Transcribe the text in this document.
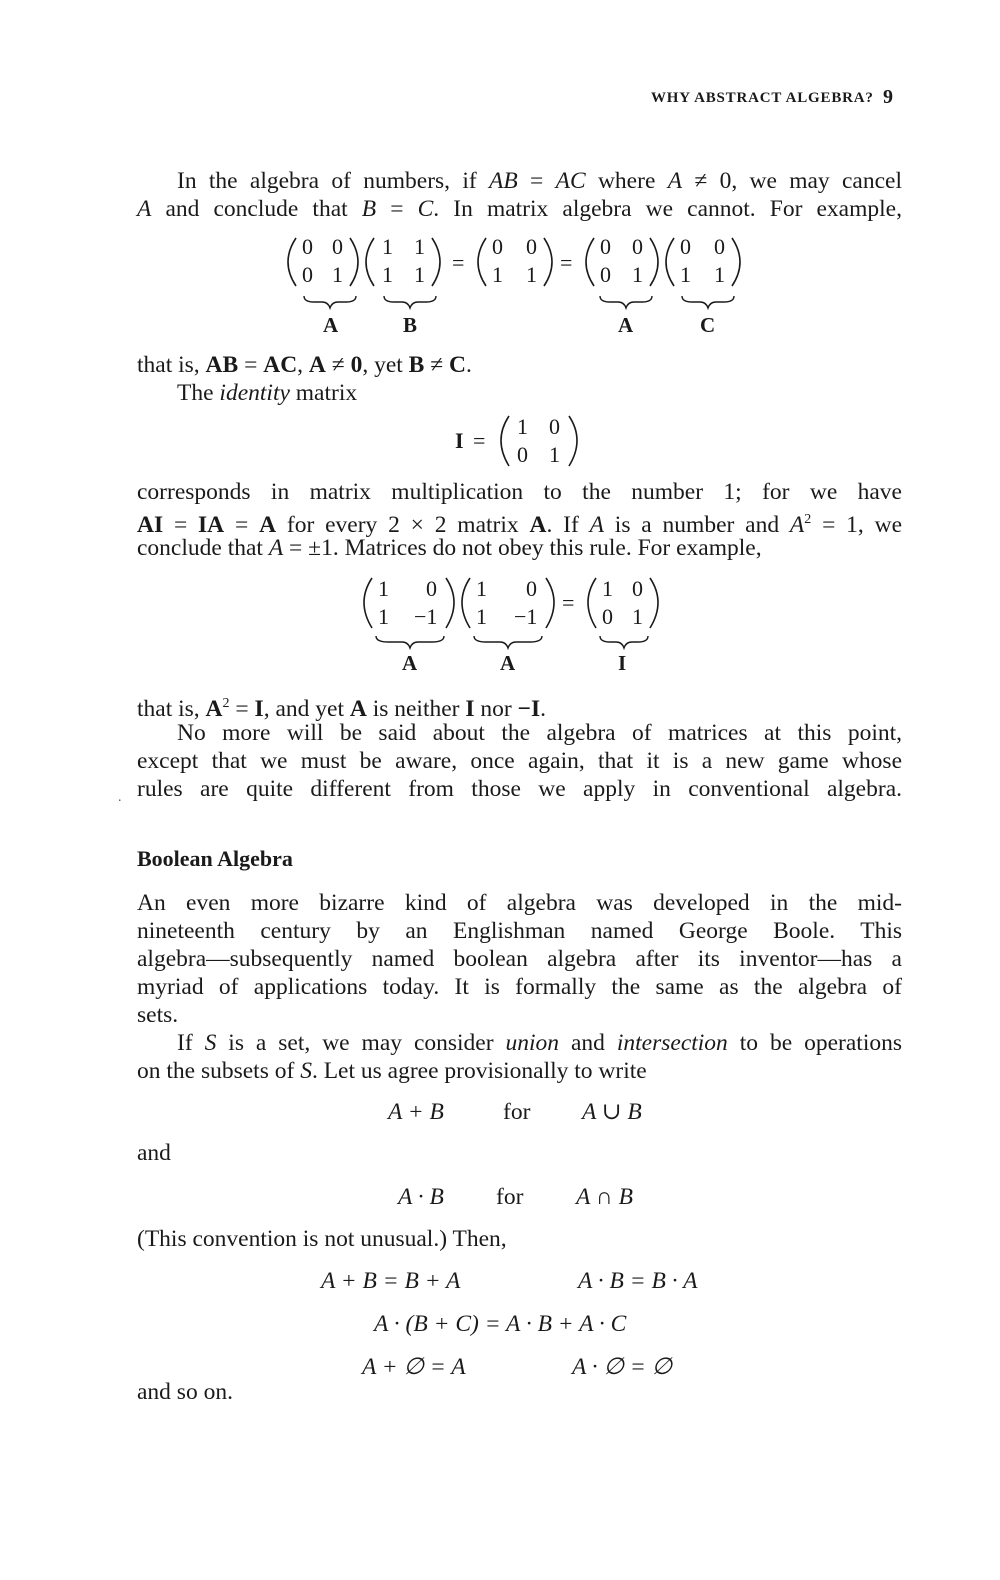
WHY ABSTRACT ALGEBRA? 9
In the algebra of numbers, if AB = AC where A ≠ 0, we may cancel
A and conclude that B = C. In matrix algebra we cannot. For example,
0 0
0 1
1 1
1 1 =
0 0
1 1 =
0 0
0 1
0 0
1 1
A	B	A	C
that is, AB = AC, A ≠ 0, yet B ≠ C.
The identity matrix
I =
1 0
0 1
corresponds in matrix multiplication to the number 1; for we have
AI = IA = A for every 2 × 2 matrix A. If A is a number and $A^2 = 1$, we
conclude that A = ±1. Matrices do not obey this rule. For example,
1 0
1 −1
1 0
1 −1
=
1 0
0 1
A	A	I
that is, $A^2 = I$, and yet A is neither I nor −I.
No more will be said about the algebra of matrices at this point,
except that we must be aware, once again, that it is a new game whose
rules are quite different from those we apply in conventional algebra.
.
Boolean Algebra
An even more bizarre kind of algebra was developed in the mid-
nineteenth century by an Englishman named George Boole. This
algebra—subsequently named boolean algebra after its inventor—has a
myriad of applications today. It is formally the same as the algebra of
sets.
If S is a set, we may consider union and intersection to be operations
on the subsets of S. Let us agree provisionally to write
A + B	for A ∪ B
and
A · B for A ∩ B
(This convention is not unusual.) Then,
A + B = B + A	A · B = B · A
A · (B + C) = A · B + A · C
A + ∅ = A	A · ∅ = ∅
and so on.
